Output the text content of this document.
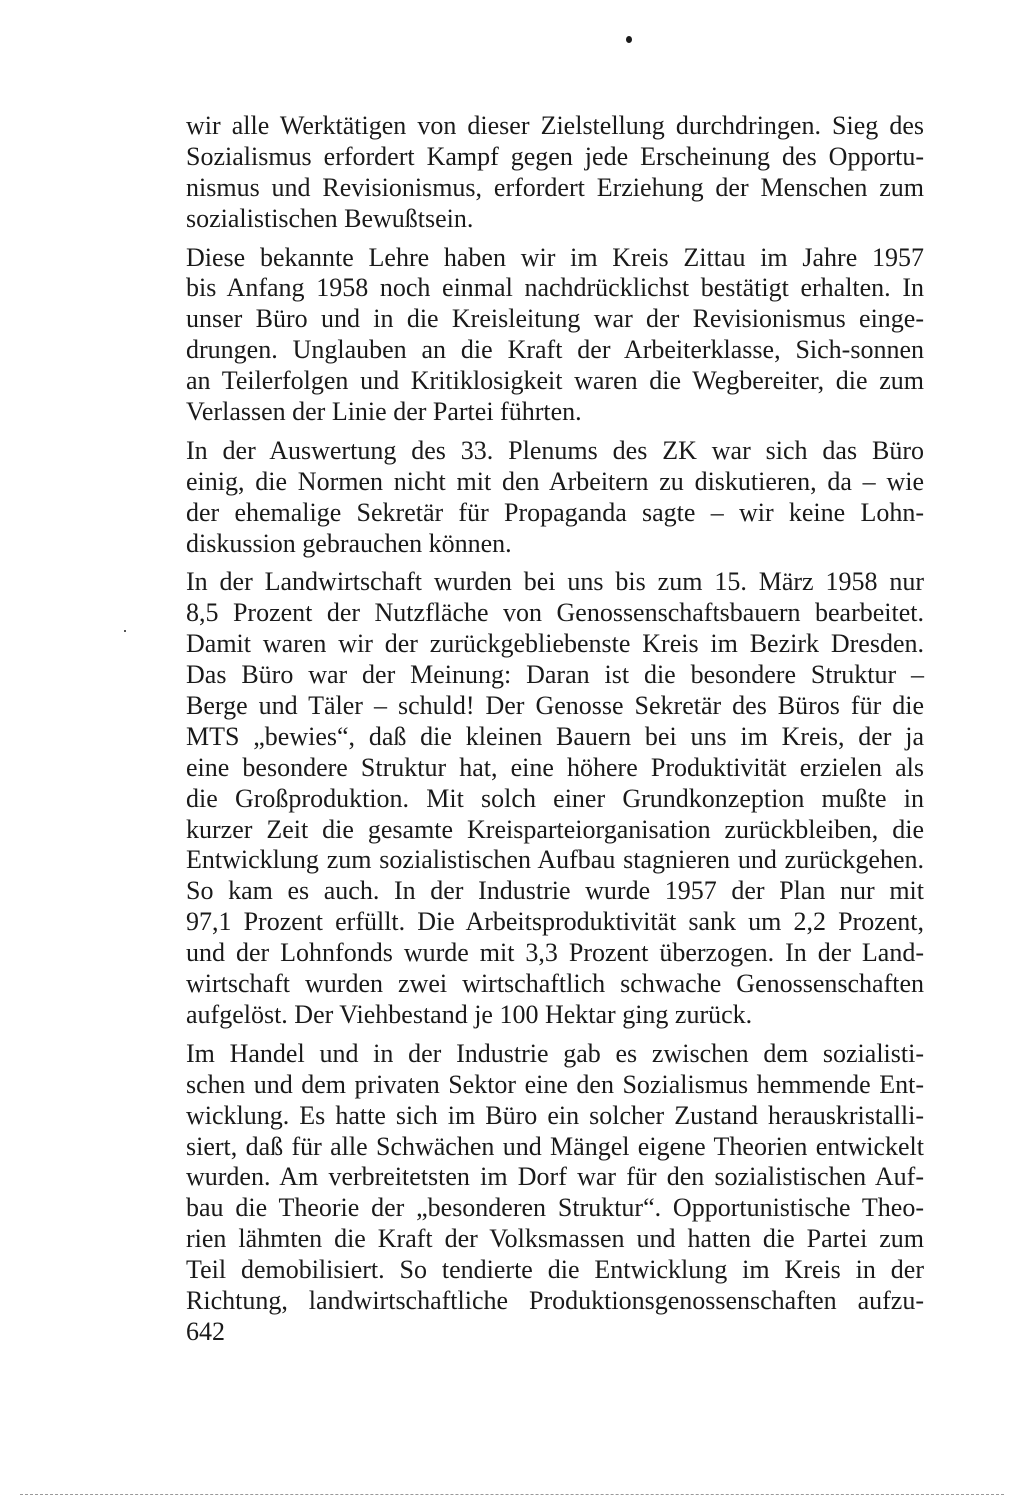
wir alle Werktätigen von dieser Zielstellung durchdringen. Sieg des
Sozialismus erfordert Kampf gegen jede Erscheinung des Opportu-
nismus und Revisionismus, erfordert Erziehung der Menschen zum
sozialistischen Bewußtsein.

Diese bekannte Lehre haben wir im Kreis Zittau im Jahre 1957
bis Anfang 1958 noch einmal nachdrücklichst bestätigt erhalten. In
unser Büro und in die Kreisleitung war der Revisionismus einge-
drungen. Unglauben an die Kraft der Arbeiterklasse, Sich-sonnen
an Teilerfolgen und Kritiklosigkeit waren die Wegbereiter, die zum
Verlassen der Linie der Partei führten.

In der Auswertung des 33. Plenums des ZK war sich das Büro
einig, die Normen nicht mit den Arbeitern zu diskutieren, da – wie
der ehemalige Sekretär für Propaganda sagte – wir keine Lohn-
diskussion gebrauchen können.

In der Landwirtschaft wurden bei uns bis zum 15. März 1958 nur
8,5 Prozent der Nutzfläche von Genossenschaftsbauern bearbeitet.
Damit waren wir der zurückgebliebenste Kreis im Bezirk Dresden.
Das Büro war der Meinung: Daran ist die besondere Struktur –
Berge und Täler – schuld! Der Genosse Sekretär des Büros für die
MTS „bewies“, daß die kleinen Bauern bei uns im Kreis, der ja
eine besondere Struktur hat, eine höhere Produktivität erzielen als
die Großproduktion. Mit solch einer Grundkonzeption mußte in
kurzer Zeit die gesamte Kreisparteiorganisation zurückbleiben, die
Entwicklung zum sozialistischen Aufbau stagnieren und zurückgehen.
So kam es auch. In der Industrie wurde 1957 der Plan nur mit
97,1 Prozent erfüllt. Die Arbeitsproduktivität sank um 2,2 Prozent,
und der Lohnfonds wurde mit 3,3 Prozent überzogen. In der Land-
wirtschaft wurden zwei wirtschaftlich schwache Genossenschaften
aufgelöst. Der Viehbestand je 100 Hektar ging zurück.

Im Handel und in der Industrie gab es zwischen dem sozialisti-
schen und dem privaten Sektor eine den Sozialismus hemmende Ent-
wicklung. Es hatte sich im Büro ein solcher Zustand herauskristalli-
siert, daß für alle Schwächen und Mängel eigene Theorien entwickelt
wurden. Am verbreitetsten im Dorf war für den sozialistischen Auf-
bau die Theorie der „besonderen Struktur“. Opportunistische Theo-
rien lähmten die Kraft der Volksmassen und hatten die Partei zum
Teil demobilisiert. So tendierte die Entwicklung im Kreis in der
Richtung, landwirtschaftliche Produktionsgenossenschaften aufzu-

642
